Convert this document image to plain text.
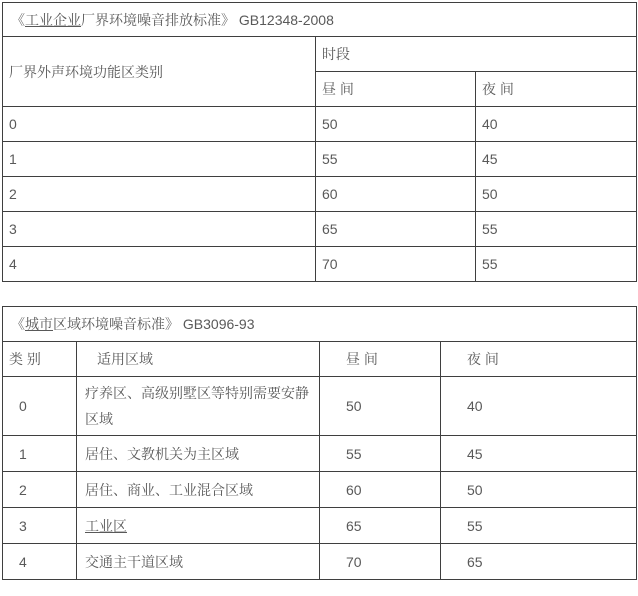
《工业企业厂界环境噪音排放标准》 GB12348-2008		
厂界外声环境功能区类别	时段	
	昼 间	夜 间
0	50	40
1	55	45
2	60	50
3	65	55
4	70	55
《城市区域环境噪音标准》 GB3096-93			
类 别	适用区域	昼 间	夜 间
0	疗养区、高级别墅区等特别需要安静区域	50	40
1	居住、文教机关为主区域	55	45
2	居住、商业、工业混合区域	60	50
3	工业区	65	55
4	交通主干道区域	70	65
